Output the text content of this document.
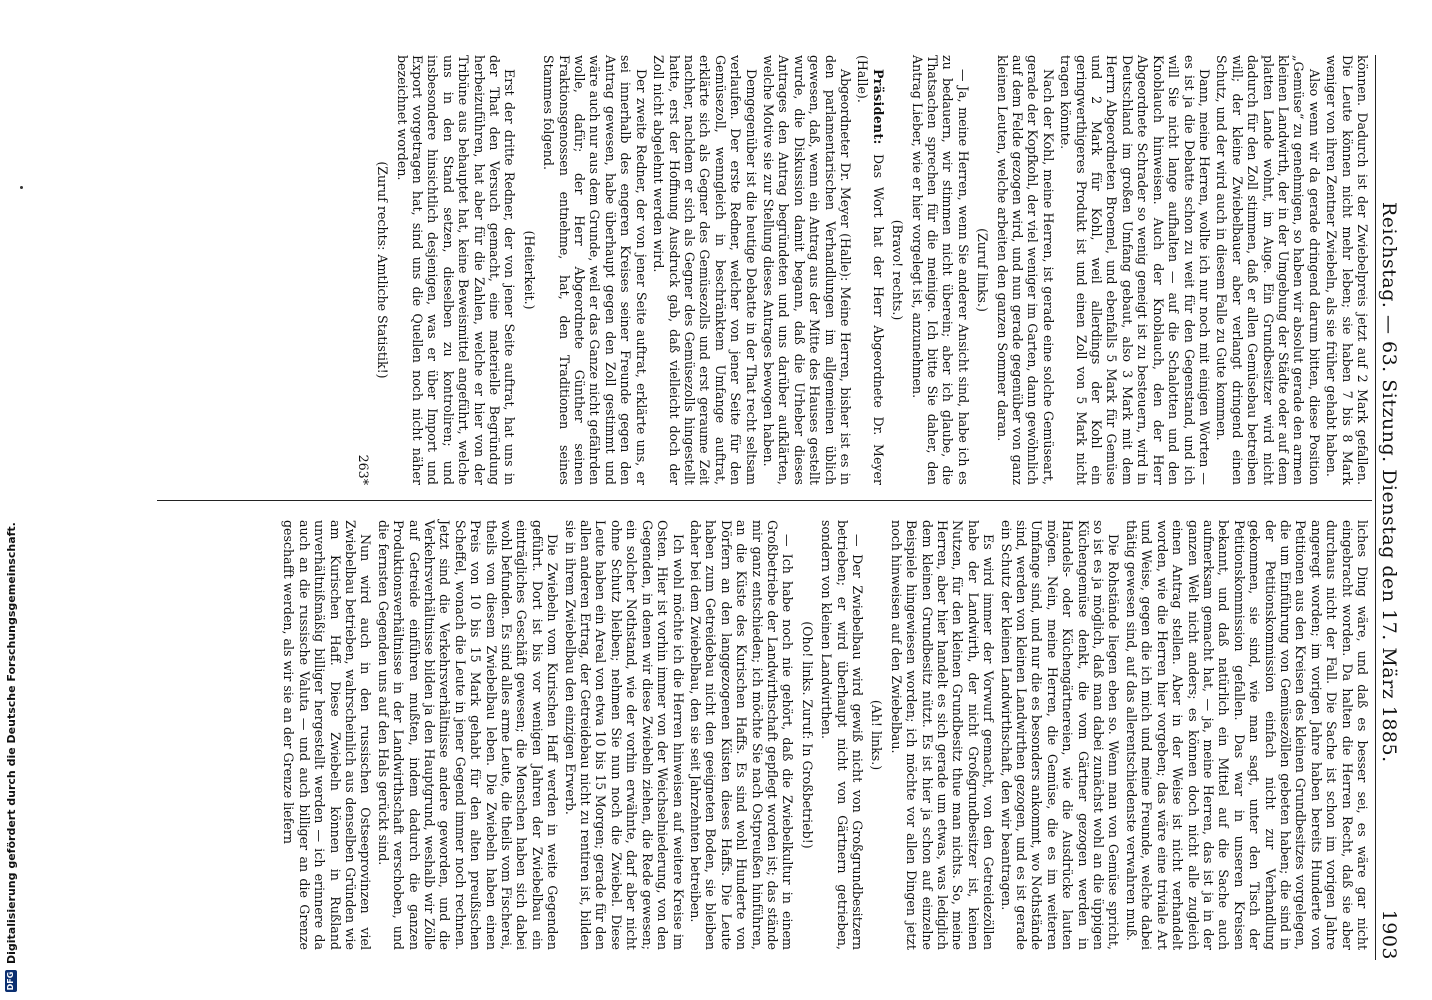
DFG
Digitalisierung gefördert durch die Deutsche Forschungsgemeinschaft.	Reichstag. — 63. Sitzung. Dienstag den 17. März 1885.
1903

können. Dadurch ist der Zwiebelpreis jetzt auf 2 Mark gefallen. Die Leute können nicht mehr leben; sie haben 7 bis 8 Mark weniger von ihren Zentner Zwiebeln, als sie früher gehabt haben.

Also wenn wir da gerade dringend darum bitten, diese Position „Gemüse“ zu genehmigen, so haben wir absolut gerade den armen kleinen Landwirth, der in der Umgebung der Städte oder auf dem platten Lande wohnt, im Auge. Ein Grundbesitzer wird nicht dadurch für den Zoll stimmen, daß er allen Gemüsebau betreiben will; der kleine Zwiebelbauer aber verlangt dringend einen Schutz, und der wird auch in diesem Falle zu Gute kommen.

Dann, meine Herren, wollte ich nur noch mit einigen Worten — es ist ja die Debatte schon zu weit für den Gegenstand, und ich will Sie nicht lange aufhalten — auf die Schalotten und den Knoblauch hinweisen. Auch der Knoblauch, den der Herr Abgeordnete Schrader so wenig geneigt ist zu besteuern, wird in Deutschland im großen Umfang gebaut, also 3 Mark mit dem Herrn Abgeordneten Broemel, und ebenfalls 5 Mark für Gemüse und 2 Mark für Kohl, weil allerdings der Kohl ein geringwerthigeres Produkt ist und einen Zoll von 5 Mark nicht tragen könnte.

Nach der Kohl, meine Herren, ist gerade eine solche Gemüseart, gerade der Kopfkohl, der viel weniger im Garten, dann gewöhnlich auf dem Felde gezogen wird, und nun gerade gegenüber von ganz kleinen Leuten, welche arbeiten den ganzen Sommer daran.

(Zuruf links.)

— Ja, meine Herren, wenn Sie anderer Ansicht sind, habe ich es zu bedauern, wir stimmen nicht überein; aber ich glaube, die Thatsachen sprechen für die meinige. Ich bitte Sie daher, den Antrag Lieber, wie er hier vorgelegt ist, anzunehmen.

(Bravo! rechts.)

Präsident: Das Wort hat der Herr Abgeordnete Dr. Meyer (Halle).

Abgeordneter Dr. Meyer (Halle): Meine Herren, bisher ist es in den parlamentarischen Verhandlungen im allgemeinen üblich gewesen, daß, wenn ein Antrag aus der Mitte des Hauses gestellt wurde, die Diskussion damit begann, daß die Urheber dieses Antrages den Antrag begründeten und uns darüber aufklärten, welche Motive sie zur Stellung dieses Antrages bewogen haben.

Demgegenüber ist die heutige Debatte in der That recht seltsam verlaufen. Der erste Redner, welcher von jener Seite für den Gemüsezoll, wenngleich in beschränktem Umfange auftrat, erklärte sich als Gegner des Gemüsezolls und erst geraume Zeit nachher, nachdem er sich als Gegner des Gemüsezolls hingestellt hatte, erst der Hoffnung Ausdruck gab, daß vielleicht doch der Zoll nicht abgelehnt werden wird.

Der zweite Redner, der von jener Seite auftrat, erklärte uns, er sei innerhalb des engeren Kreises seiner Freunde gegen den Antrag gewesen, habe überhaupt gegen den Zoll gestimmt und wäre auch nur aus dem Grunde, weil er das Ganze nicht gefährden wolle, dafür; der Herr Abgeordnete Günther seinen Fraktionsgenossen entnehme, hat, den Traditionen seines Stammes folgend.

(Heiterkeit.)

Erst der dritte Redner, der von jener Seite auftrat, hat uns in der That den Versuch gemacht, eine materielle Begründung herbeizuführen, hat aber für die Zahlen, welche er hier von der Tribüne aus behauptet hat, keine Beweismittel angeführt, welche uns in den Stand setzen, dieselben zu kontroliren; und insbesondere hinsichtlich desjenigen, was er über Import und Export vorgetragen hat, sind uns die Quellen noch nicht näher bezeichnet worden.

(Zuruf rechts: Amtliche Statistik!)

263*

liches Ding wäre, und daß es besser sei, es wäre gar nicht eingebracht worden. Da halten die Herren Recht, daß sie aber durchaus nicht der Fall. Die Sache ist schon im vorigen Jahre angeregt worden; im vorigen Jahre haben bereits Hunderte von Petitionen aus den Kreisen des kleinen Grundbesitzes vorgelegen, die um Einführung von Gemüsezöllen gebeten haben; die sind in der Petitionskommission einfach nicht zur Verhandlung gekommen, sie sind, wie man sagt, unter den Tisch der Petitionskommission gefallen. Das war in unseren Kreisen bekannt, und daß natürlich ein Mittel auf die Sache auch aufmerksam gemacht hat, — ja, meine Herren, das ist ja in der ganzen Welt nicht anders; es können doch nicht alle zugleich einen Antrag stellen. Aber in der Weise ist nicht verhandelt worden, wie die Herren hier vorgeben; das wäre eine triviale Art und Weise, gegen die ich mich und meine Freunde, welche dabei thätig gewesen sind, auf das allerentschiedenste verwahren muß.

Die Rohstände liegen eben so. Wenn man von Gemüse spricht, so ist es ja möglich, daß man dabei zunächst wohl an die üppigen Küchengemüse denkt, die vom Gärtner gezogen werden in Handels- oder Küchengärtnereien, wie die Ausdrücke lauten mögen. Nein, meine Herren, die Gemüse, die es im weiteren Umfange sind, und nur die es besonders ankommt, wo Nothstände sind, werden von kleinen Landwirthen gezogen, und es ist gerade ein Schutz der kleinen Landwirthschaft, den wir beantragen.

Es wird immer der Vorwurf gemacht, von den Getreidezöllen habe der Landwirth, der nicht Großgrundbesitzer ist, keinen Nutzen, für den kleinen Grundbesitz thue man nichts. So, meine Herren, aber hier handelt es sich gerade um etwas, was lediglich dem kleinen Grundbesitz nützt. Es ist hier ja schon auf einzelne Beispiele hingewiesen worden; ich möchte vor allen Dingen jetzt noch hinweisen auf den Zwiebelbau.

(Ah! links.)

— Der Zwiebelbau wird gewiß nicht von Großgrundbesitzern betrieben; er wird überhaupt nicht von Gärtnern getrieben, sondern von kleinen Landwirthen.

(Oho! links. Zuruf: In Großbetrieb!)

— Ich habe noch nie gehört, daß die Zwiebelkultur in einem Großbetriebe der Landwirthschaft gepflegt worden ist; das stände mir ganz entschieden; ich möchte Sie nach Ostpreußen hinführen, an die Küste des Kurischen Haffs. Es sind wohl Hunderte von Dörfern an den langgezogenen Küsten dieses Haffs. Die Leute haben zum Getreidebau nicht den geeigneten Boden, sie bleiben daher bei dem Zwiebelbau, den sie seit Jahrzehnten betreiben.

Ich wohl möchte ich die Herren hinweisen auf weitere Kreise im Osten. Hier ist vorhin immer von der Weichselniederung, von den Gegenden, in denen wir diese Zwiebeln ziehen, die Rede gewesen; ein solcher Nothstand, wie der vorhin erwähnte, darf aber nicht ohne Schutz bleiben; nehmen Sie nun noch die Zwiebel. Diese Leute haben ein Areal von etwa 10 bis 15 Morgen; gerade für den allen anderen Ertrag, der Getreidebau nicht zu rentiren ist, bilden sie in ihrem Zwiebelbau den einzigen Erwerb.

Die Zwiebeln vom Kurischen Haff werden in weite Gegenden geführt. Dort ist bis vor wenigen Jahren der Zwiebelbau ein einträgliches Geschäft gewesen; die Menschen haben sich dabei wohl befunden. Es sind alles arme Leute, die theils vom Fischerei, theils von diesem Zwiebelbau leben. Die Zwiebeln haben einen Preis von 10 bis 15 Mark gehabt für den alten preußischen Scheffel, wonach die Leute in jener Gegend immer noch rechnen. Jetzt sind die Verkehrsverhältnisse andere geworden, und die Verkehrsverhältnisse bilden ja den Hauptgrund, weshalb wir Zölle auf Getreide einführen mußten, indem dadurch die ganzen Produktionsverhältnisse in der Landwirthschaft verschoben, und die fernsten Gegenden uns auf den Hals gerückt sind.

Nun wird auch in den russischen Ostseeprovinzen viel Zwiebelbau betrieben, wahrscheinlich aus denselben Gründen wie am Kurischen Haff. Diese Zwiebeln können in Rußland unverhältnißmäßig billiger hergestellt werden — ich erinnere da auch an die russische Valuta — und auch billiger an die Grenze geschafft werden, als wir sie an der Grenze liefern
